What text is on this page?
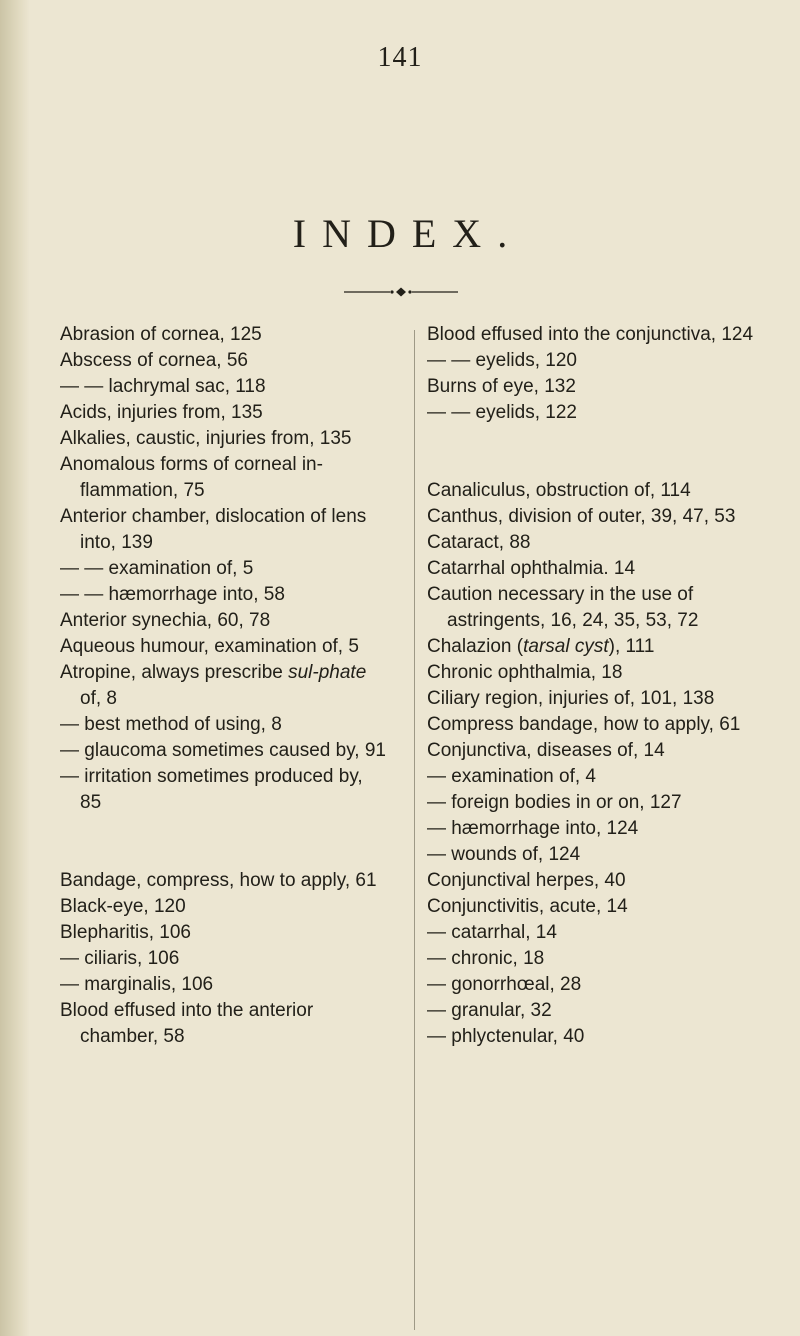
141
INDEX.
Abrasion of cornea, 125
Abscess of cornea, 56
— — lachrymal sac, 118
Acids, injuries from, 135
Alkalies, caustic, injuries from, 135
Anomalous forms of corneal in-flammation, 75
Anterior chamber, dislocation of lens into, 139
— — examination of, 5
— — hæmorrhage into, 58
Anterior synechia, 60, 78
Aqueous humour, examination of, 5
Atropine, always prescribe sul-phate of, 8
— best method of using, 8
— glaucoma sometimes caused by, 91
— irritation sometimes produced by, 85
Bandage, compress, how to apply, 61
Black-eye, 120
Blepharitis, 106
— ciliaris, 106
— marginalis, 106
Blood effused into the anterior chamber, 58
Blood effused into the conjunctiva, 124
— — eyelids, 120
Burns of eye, 132
— — eyelids, 122
Canaliculus, obstruction of, 114
Canthus, division of outer, 39, 47, 53
Cataract, 88
Catarrhal ophthalmia. 14
Caution necessary in the use of astringents, 16, 24, 35, 53, 72
Chalazion (tarsal cyst), 111
Chronic ophthalmia, 18
Ciliary region, injuries of, 101, 138
Compress bandage, how to apply, 61
Conjunctiva, diseases of, 14
— examination of, 4
— foreign bodies in or on, 127
— hæmorrhage into, 124
— wounds of, 124
Conjunctival herpes, 40
Conjunctivitis, acute, 14
— catarrhal, 14
— chronic, 18
— gonorrhœal, 28
— granular, 32
— phlyctenular, 40
